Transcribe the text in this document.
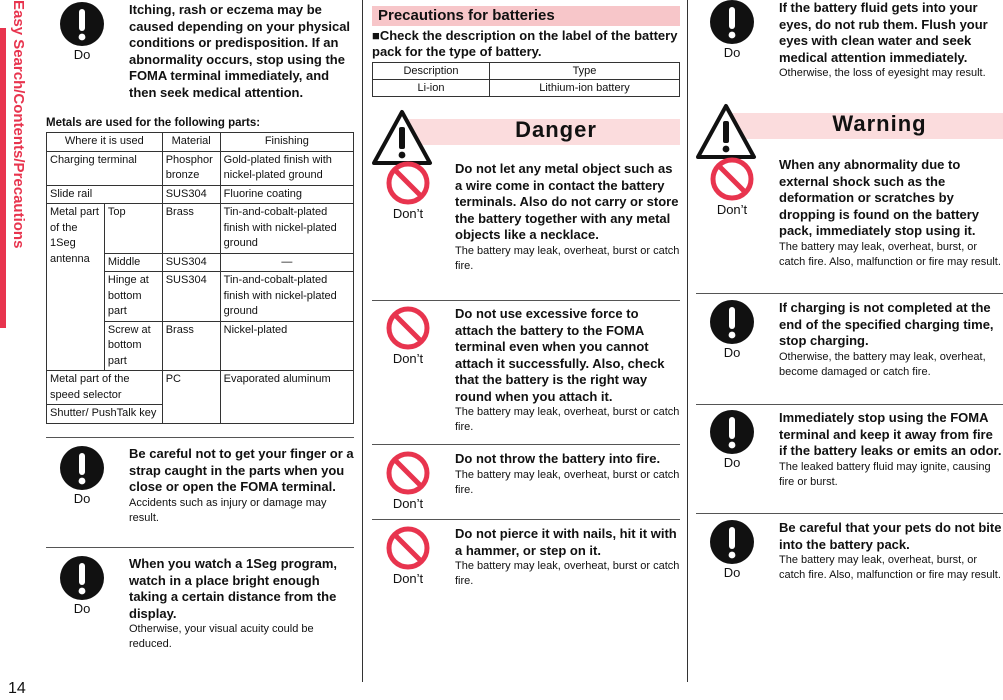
Easy Search/Contents/Precautions
14
Do
Itching, rash or eczema may be caused depending on your physical conditions or predisposition. If an abnormality occurs, stop using the FOMA terminal immediately, and then seek medical attention.
Metals are used for the following parts:
Where it is used		Material	Finishing
Charging terminal		Phosphor bronze	Gold-plated finish with nickel-plated ground
Slide rail		SUS304	Fluorine coating
Metal part of the 1Seg antenna	Top	Brass	Tin-and-cobalt-plated finish with nickel-plated ground
	Middle	SUS304	—
	Hinge at bottom part	SUS304	Tin-and-cobalt-plated finish with nickel-plated ground
	Screw at bottom part	Brass	Nickel-plated
Metal part of the speed selector		PC	Evaporated aluminum
Shutter/ PushTalk key			
Do
Be careful not to get your finger or a strap caught in the parts when you close or open the FOMA terminal.
Accidents such as injury or damage may result.
Do
When you watch a 1Seg program, watch in a place bright enough taking a certain distance from the display.
Otherwise, your visual acuity could be reduced.
Precautions for batteries
■Check the description on the label of the battery pack for the type of battery.
Description	Type
Li-ion	Lithium-ion battery
Danger
Don’t
Do not let any metal object such as a wire come in contact the battery terminals. Also do not carry or store the battery together with any metal objects like a necklace.
The battery may leak, overheat, burst or catch fire.
Don’t
Do not use excessive force to attach the battery to the FOMA terminal even when you cannot attach it successfully. Also, check that the battery is the right way round when you attach it.
The battery may leak, overheat, burst or catch fire.
Don’t
Do not throw the battery into fire.
The battery may leak, overheat, burst or catch fire.
Don’t
Do not pierce it with nails, hit it with a hammer, or step on it.
The battery may leak, overheat, burst or catch fire.
Do
If the battery fluid gets into your eyes, do not rub them. Flush your eyes with clean water and seek medical attention immediately.
Otherwise, the loss of eyesight may result.
Warning
Don’t
When any abnormality due to external shock such as the deformation or scratches by dropping is found on the battery pack, immediately stop using it.
The battery may leak, overheat, burst, or catch fire. Also, malfunction or fire may result.
Do
If charging is not completed at the end of the specified charging time, stop charging.
Otherwise, the battery may leak, overheat, become damaged or catch fire.
Do
Immediately stop using the FOMA terminal and keep it away from fire if the battery leaks or emits an odor.
The leaked battery fluid may ignite, causing fire or burst.
Do
Be careful that your pets do not bite into the battery pack.
The battery may leak, overheat, burst, or catch fire. Also, malfunction or fire may result.
